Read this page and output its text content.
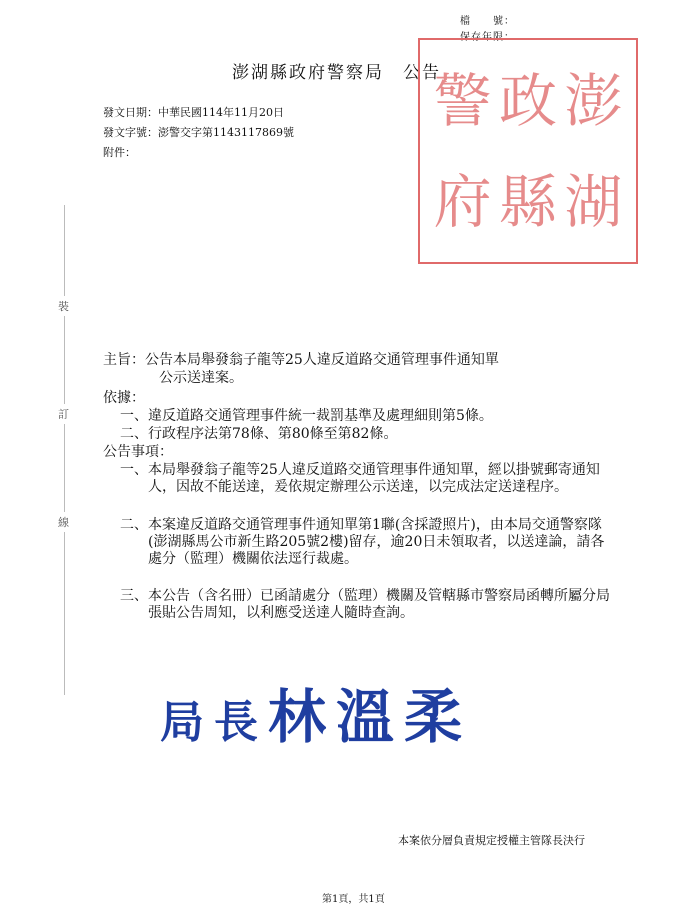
檔　　號：
保存年限：
澎湖縣政府警察局　公告
發文日期：中華民國114年11月20日
發文字號：澎警交字第1143117869號
附件：
警 政 澎
府 縣 湖
裝
訂
線
主旨：公告本局舉發翁子龍等25人違反道路交通管理事件通知單
公示送達案。
依據：
一、 違反道路交通管理事件統一裁罰基準及處理細則第5條。
二、 行政程序法第78條、第80條至第82條。
公告事項：
一、 本局舉發翁子龍等25人違反道路交通管理事件通知單，經以掛號郵寄通知人，因故不能送達，爰依規定辦理公示送達，以完成法定送達程序。
二、 本案違反道路交通管理事件通知單第1聯(含採證照片)，由本局交通警察隊(澎湖縣馬公市新生路205號2樓)留存，逾20日未領取者，以送達論，請各處分（監理）機關依法逕行裁處。
三、 本公告（含名冊）已函請處分（監理）機關及管轄縣市警察局函轉所屬分局張貼公告周知，以利應受送達人隨時查詢。
局長林溫柔
本案依分層負責規定授權主管隊長決行
第1頁，共1頁
